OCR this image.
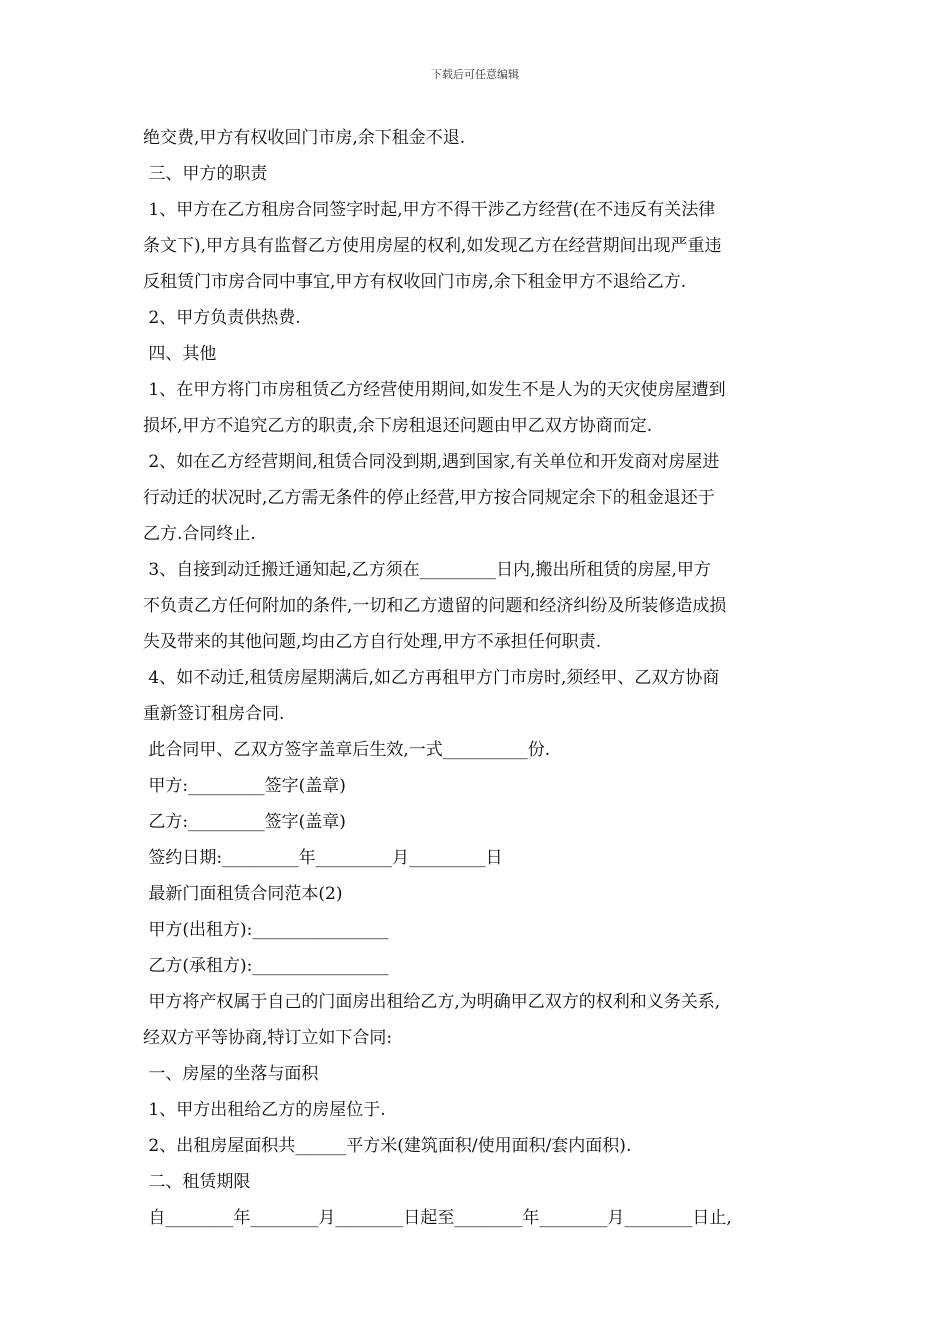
下载后可任意编辑
绝交费,甲方有权收回门市房,余下租金不退.
三、甲方的职责
1、甲方在乙方租房合同签字时起,甲方不得干涉乙方经营(在不违反有关法律
条文下),甲方具有监督乙方使用房屋的权利,如发现乙方在经营期间出现严重违
反租赁门市房合同中事宜,甲方有权收回门市房,余下租金甲方不退给乙方.
2、甲方负责供热费.
四、其他
1、在甲方将门市房租赁乙方经营使用期间,如发生不是人为的天灾使房屋遭到
损坏,甲方不追究乙方的职责,余下房租退还问题由甲乙双方协商而定.
2、如在乙方经营期间,租赁合同没到期,遇到国家,有关单位和开发商对房屋进
行动迁的状况时,乙方需无条件的停止经营,甲方按合同规定余下的租金退还于
乙方.合同终止.
3、自接到动迁搬迁通知起,乙方须在_________日内,搬出所租赁的房屋,甲方
不负责乙方任何附加的条件,一切和乙方遗留的问题和经济纠纷及所装修造成损
失及带来的其他问题,均由乙方自行处理,甲方不承担任何职责.
4、如不动迁,租赁房屋期满后,如乙方再租甲方门市房时,须经甲、乙双方协商
重新签订租房合同.
此合同甲、乙双方签字盖章后生效,一式__________份.
甲方:_________签字(盖章)
乙方:_________签字(盖章)
签约日期:_________年_________月_________日
最新门面租赁合同范本(2)
甲方(出租方):________________
乙方(承租方):________________
甲方将产权属于自己的门面房出租给乙方,为明确甲乙双方的权利和义务关系,
经双方平等协商,特订立如下合同:
一、房屋的坐落与面积
1、甲方出租给乙方的房屋位于.
2、出租房屋面积共______平方米(建筑面积/使用面积/套内面积).
二、租赁期限
自________年________月________日起至________年________月________日止,
